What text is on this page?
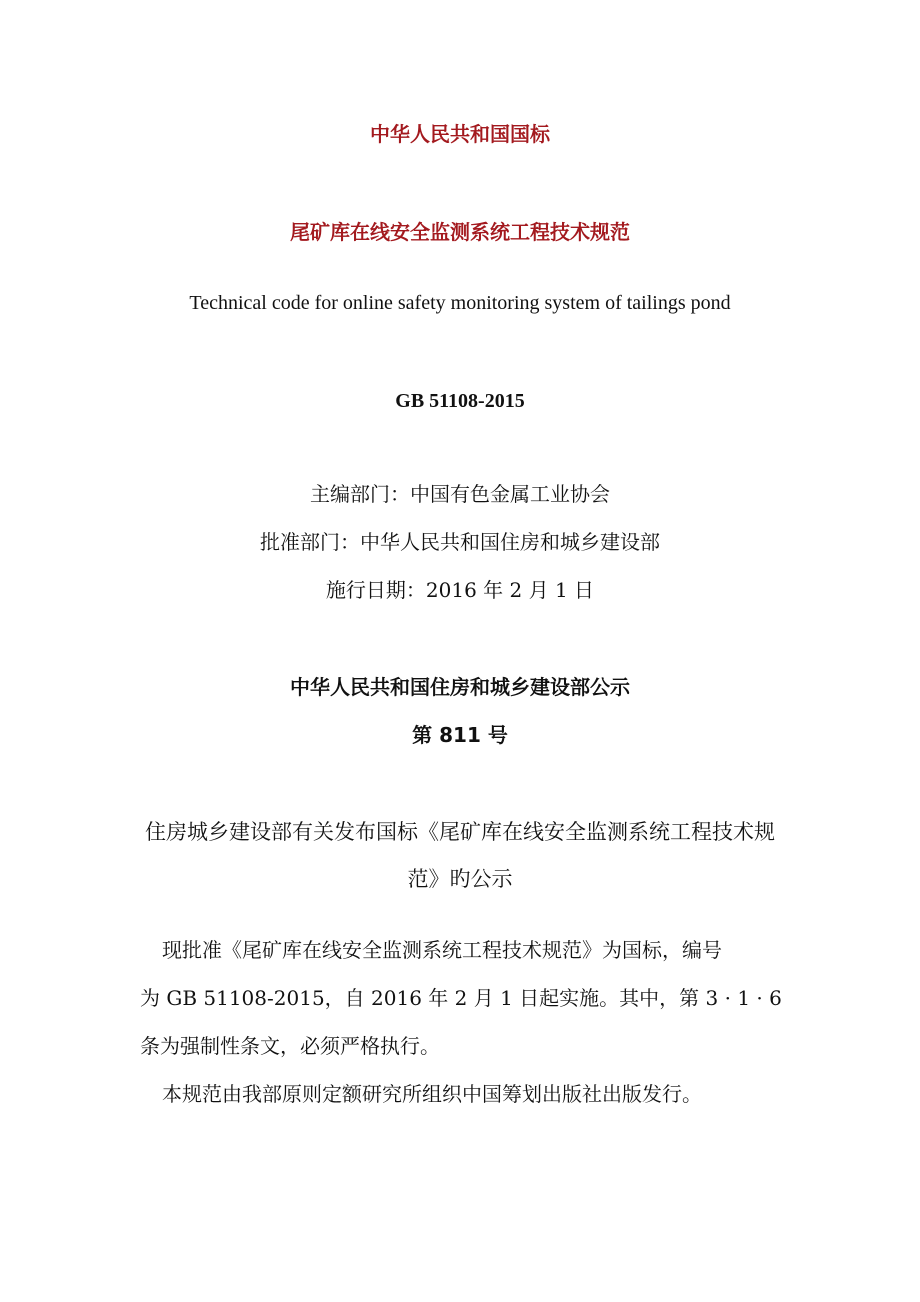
中华人民共和国国标
尾矿库在线安全监测系统工程技术规范
Technical code for online safety monitoring system of tailings pond
GB 51108-2015
主编部门：中国有色金属工业协会
批准部门：中华人民共和国住房和城乡建设部
施行日期：2016 年 2 月 1 日
中华人民共和国住房和城乡建设部公示
第 811 号
住房城乡建设部有关发布国标《尾矿库在线安全监测系统工程技术规
范》旳公示
现批准《尾矿库在线安全监测系统工程技术规范》为国标，编号
为 GB 51108-2015，自 2016 年 2 月 1 日起实施。其中，第 3 · 1 · 6
条为强制性条文，必须严格执行。
本规范由我部原则定额研究所组织中国筹划出版社出版发行。
